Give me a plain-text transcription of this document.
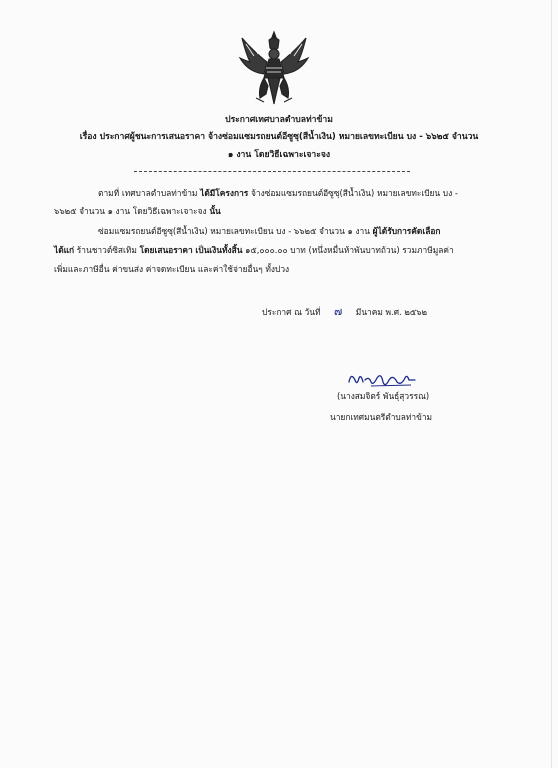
ประกาศเทศบาลตำบลท่าข้าม
เรื่อง ประกาศผู้ชนะการเสนอราคา จ้างซ่อมแซมรถยนต์อีซูซุ(สีน้ำเงิน) หมายเลขทะเบียน บง - ๖๖๒๕ จำนวน
๑ งาน โดยวิธีเฉพาะเจาะจง
ตามที่ เทศบาลตำบลท่าข้าม ได้มีโครงการ จ้างซ่อมแซมรถยนต์อีซูซุ(สีน้ำเงิน) หมายเลขทะเบียน บง -
๖๖๒๕ จำนวน ๑ งาน โดยวิธีเฉพาะเจาะจง นั้น
ซ่อมแซมรถยนต์อีซูซุ(สีน้ำเงิน) หมายเลขทะเบียน บง - ๖๖๒๕ จำนวน ๑ งาน ผู้ได้รับการคัดเลือก
ได้แก่ ร้านชาวต์ซิสเทิม โดยเสนอราคา เป็นเงินทั้งสิ้น ๑๕,๐๐๐.๐๐ บาท (หนึ่งหมื่นห้าพันบาทถ้วน) รวมภาษีมูลค่า
เพิ่มและภาษีอื่น ค่าขนส่ง ค่าจดทะเบียน และค่าใช้จ่ายอื่นๆ ทั้งปวง
ประกาศ ณ วันที่ ๗ มีนาคม พ.ศ. ๒๕๖๒
(นางสมจิตร์ พันธุ์สุวรรณ)
นายกเทศมนตรีตำบลท่าข้าม
